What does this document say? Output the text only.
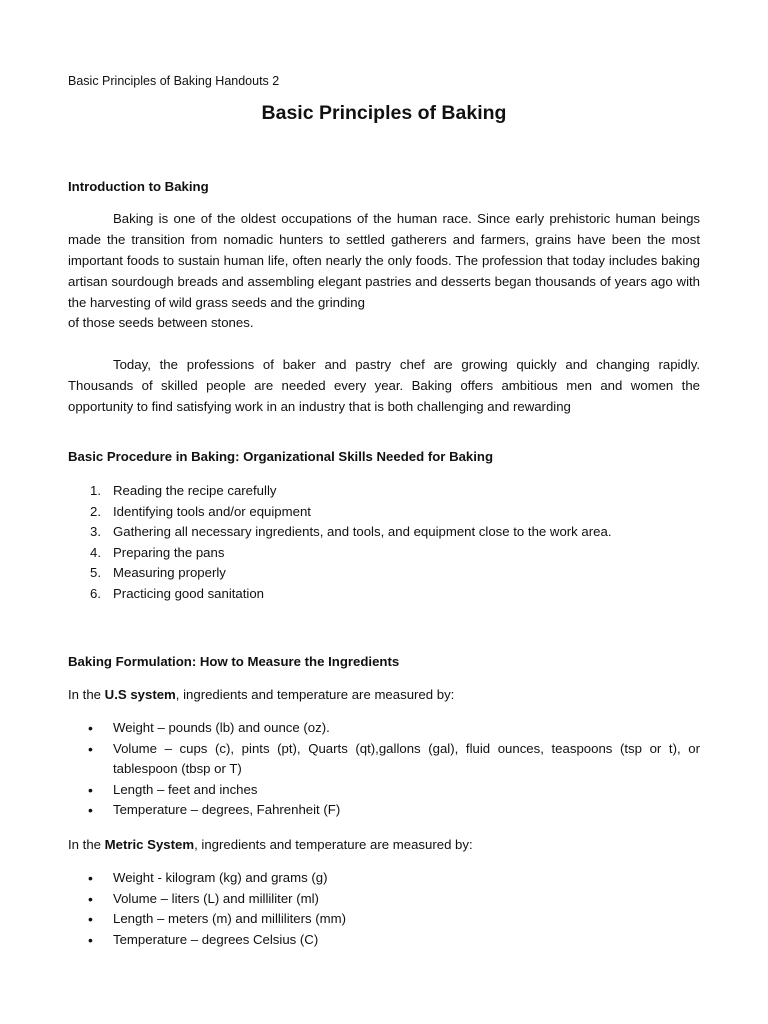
Basic Principles of Baking Handouts 2
Basic Principles of Baking
Introduction to Baking

Baking is one of the oldest occupations of the human race. Since early prehistoric human beings made the transition from nomadic hunters to settled gatherers and farmers, grains have been the most important foods to sustain human life, often nearly the only foods. The profession that today includes baking artisan sourdough breads and assembling elegant pastries and desserts began thousands of years ago with the harvesting of wild grass seeds and the grinding

of those seeds between stones.

Today, the professions of baker and pastry chef are growing quickly and changing rapidly. Thousands of skilled people are needed every year. Baking offers ambitious men and women the opportunity to find satisfying work in an industry that is both challenging and rewarding

Basic Procedure in Baking: Organizational Skills Needed for Baking
1. Reading the recipe carefully
2. Identifying tools and/or equipment
3. Gathering all necessary ingredients, and tools, and equipment close to the work area.
4. Preparing the pans
5. Measuring properly
6. Practicing good sanitation
Baking Formulation: How to Measure the Ingredients
In the U.S system, ingredients and temperature are measured by:
• Weight – pounds (lb) and ounce (oz).
• Volume – cups (c), pints (pt), Quarts (qt),gallons (gal), fluid ounces, teaspoons (tsp or t), or tablespoon (tbsp or T)
• Length – feet and inches
• Temperature – degrees, Fahrenheit (F)
In the Metric System, ingredients and temperature are measured by:
• Weight - kilogram (kg) and grams (g)
• Volume – liters (L) and milliliter (ml)
• Length – meters (m) and milliliters (mm)
• Temperature – degrees Celsius (C)
